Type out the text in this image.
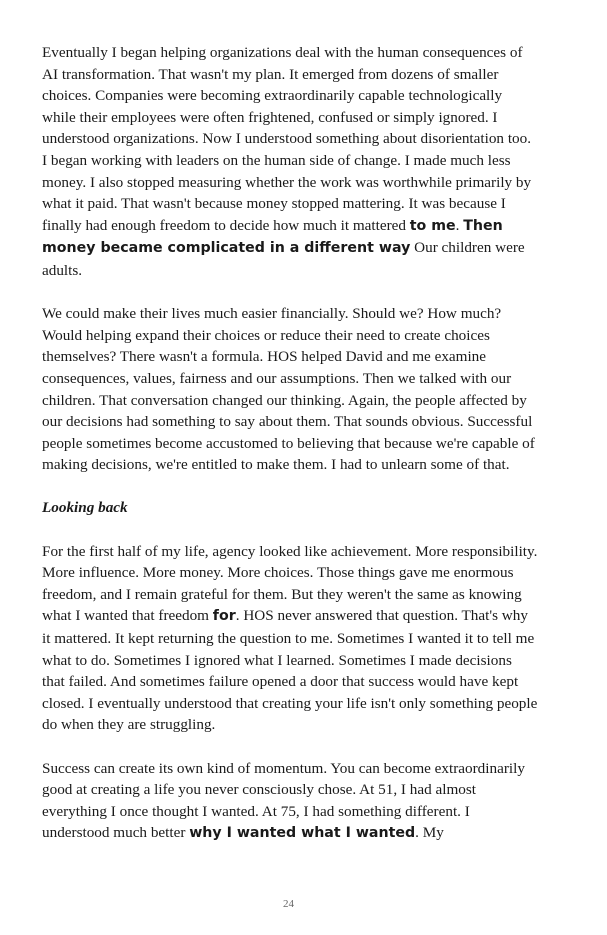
Eventually I began helping organizations deal with the human consequences of AI transformation. That wasn't my plan. It emerged from dozens of smaller choices. Companies were becoming extraordinarily capable technologically while their employees were often frightened, confused or simply ignored. I understood organizations. Now I understood something about disorientation too. I began working with leaders on the human side of change. I made much less money. I also stopped measuring whether the work was worthwhile primarily by what it paid. That wasn't because money stopped mattering. It was because I finally had enough freedom to decide how much it mattered to me. Then money became complicated in a different way Our children were adults.

We could make their lives much easier financially. Should we? How much? Would helping expand their choices or reduce their need to create choices themselves? There wasn't a formula. HOS helped David and me examine consequences, values, fairness and our assumptions. Then we talked with our children. That conversation changed our thinking. Again, the people affected by our decisions had something to say about them. That sounds obvious. Successful people sometimes become accustomed to believing that because we're capable of making decisions, we're entitled to make them. I had to unlearn some of that.

Looking back

For the first half of my life, agency looked like achievement. More responsibility. More influence. More money. More choices. Those things gave me enormous freedom, and I remain grateful for them. But they weren't the same as knowing what I wanted that freedom for. HOS never answered that question. That's why it mattered. It kept returning the question to me. Sometimes I wanted it to tell me what to do. Sometimes I ignored what I learned. Sometimes I made decisions that failed. And sometimes failure opened a door that success would have kept closed. I eventually understood that creating your life isn't only something people do when they are struggling.

Success can create its own kind of momentum. You can become extraordinarily good at creating a life you never consciously chose. At 51, I had almost everything I once thought I wanted. At 75, I had something different. I understood much better why I wanted what I wanted. My

24
